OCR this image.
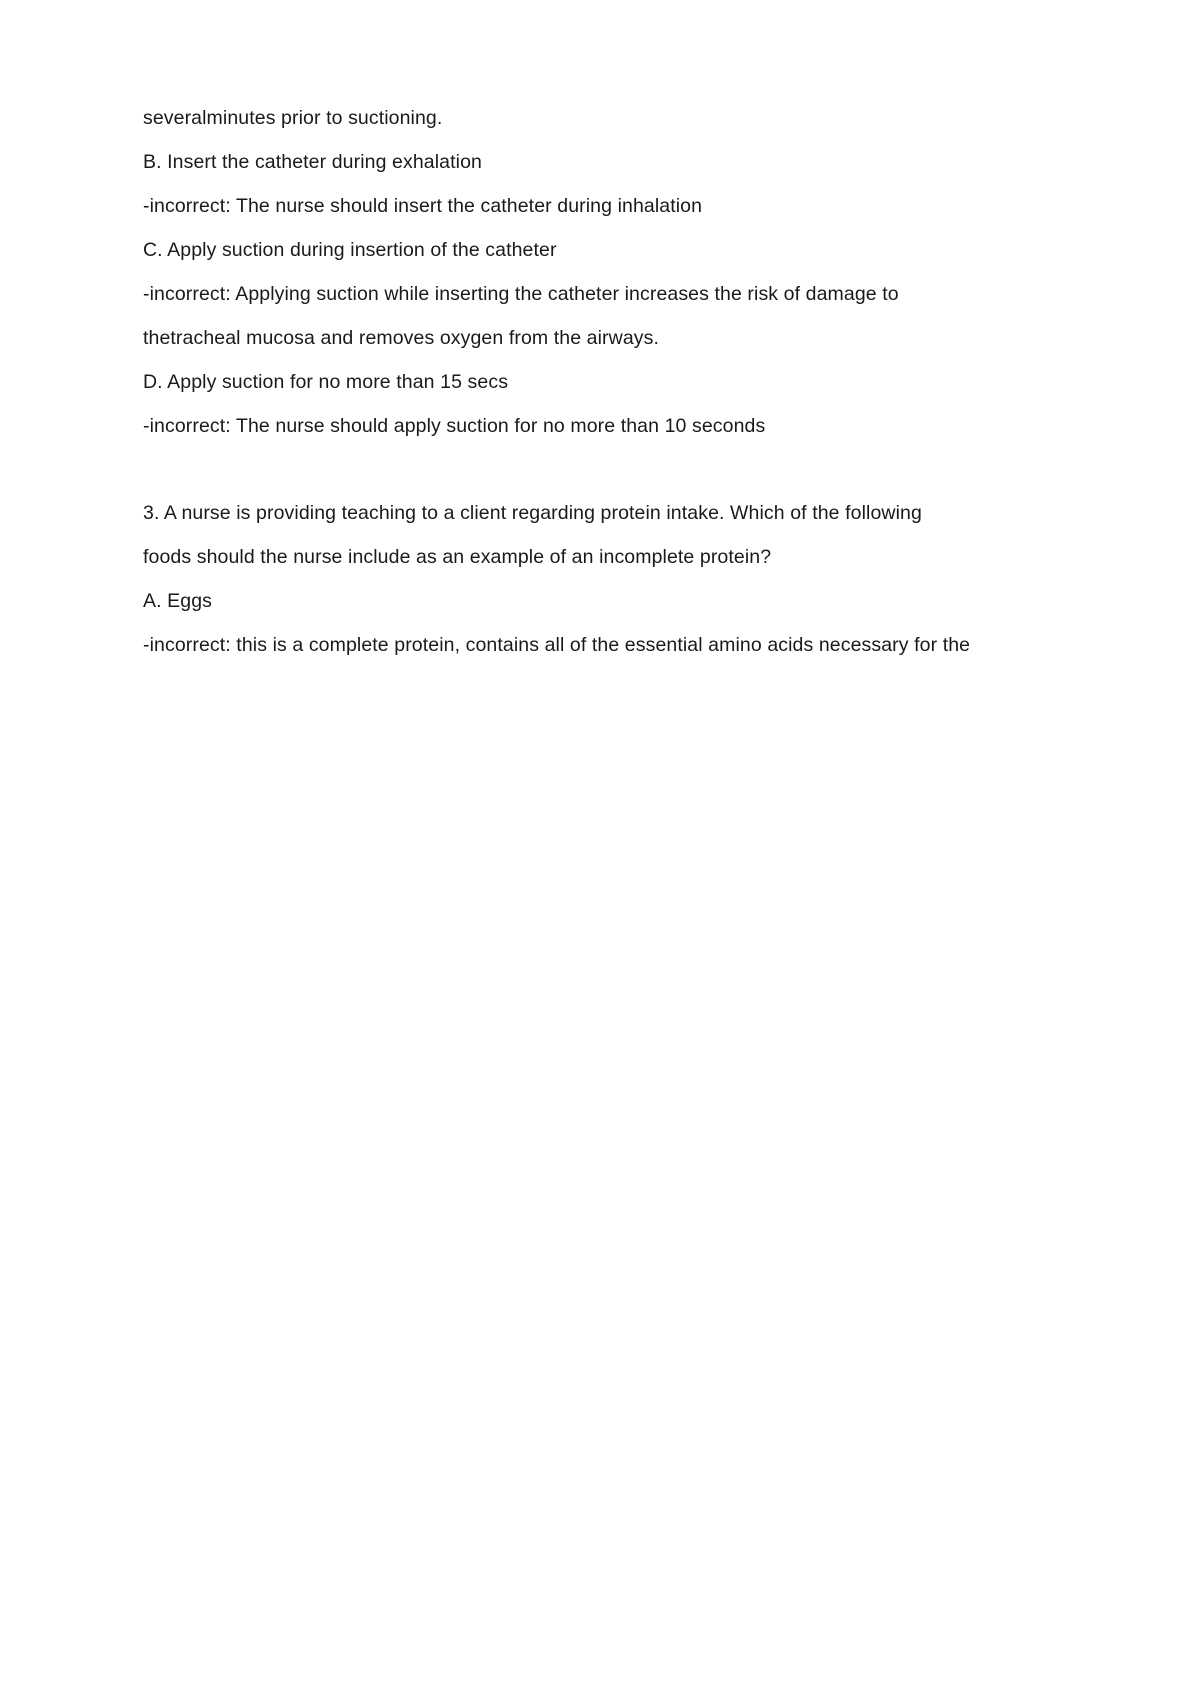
severalminutes prior to suctioning.
B. Insert the catheter during exhalation
-incorrect: The nurse should insert the catheter during inhalation
C. Apply suction during insertion of the catheter
-incorrect: Applying suction while inserting the catheter increases the risk of damage to
thetracheal mucosa and removes oxygen from the airways.
D. Apply suction for no more than 15 secs
-incorrect: The nurse should apply suction for no more than 10 seconds
3. A nurse is providing teaching to a client regarding protein intake. Which of the following
foods should the nurse include as an example of an incomplete protein?
A. Eggs
-incorrect: this is a complete protein, contains all of the essential amino acids necessary for the
